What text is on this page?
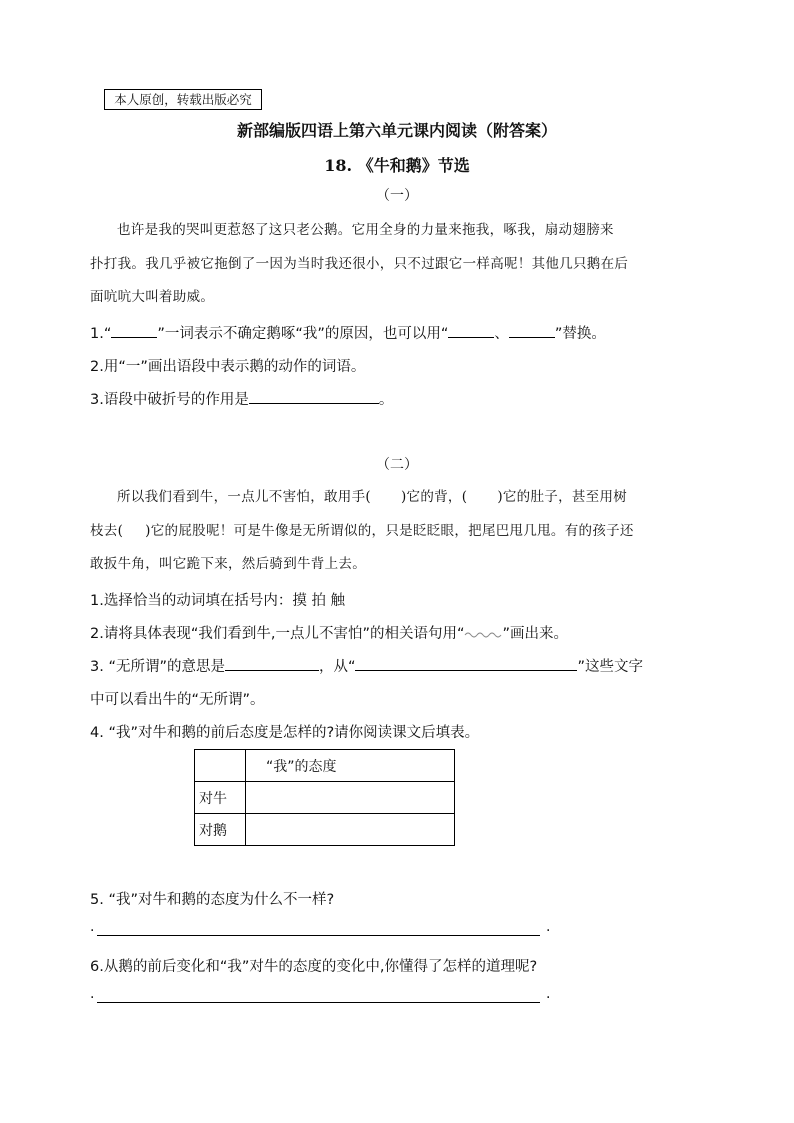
本人原创，转载出版必究
新部编版四语上第六单元课内阅读（附答案）
18. 《牛和鹅》节选
（一）
也许是我的哭叫更惹怒了这只老公鹅。它用全身的力量来拖我，啄我，扇动翅膀来
扑打我。我几乎被它拖倒了一因为当时我还很小，只不过跟它一样高呢！其他几只鹅在后
面吭吭大叫着助威。
1.“	”一词表示不确定鹅啄“我”的原因，也可以用“	、	”替换。
2.用“一”画出语段中表示鹅的动作的词语。
3.语段中破折号的作用是	。
（二）
所以我们看到牛，一点儿不害怕，敢用手( )它的背，( )它的肚子，甚至用树
枝去( )它的屁股呢！可是牛像是无所谓似的，只是眨眨眼，把尾巴甩几甩。有的孩子还
敢扳牛角，叫它跪下来，然后骑到牛背上去。
1.选择恰当的动词填在括号内：摸 拍 触
2.请将具体表现“我们看到牛,一点儿不害怕”的相关语句用“	”画出来。
3. “无所谓”的意思是	，从“	”这些文字
中可以看出牛的“无所谓”。
4. “我”对牛和鹅的前后态度是怎样的?请你阅读课文后填表。
	“我”的态度
对牛	
对鹅	
5. “我”对牛和鹅的态度为什么不一样?
.	.
6.从鹅的前后变化和“我”对牛的态度的变化中,你懂得了怎样的道理呢?
.	.
